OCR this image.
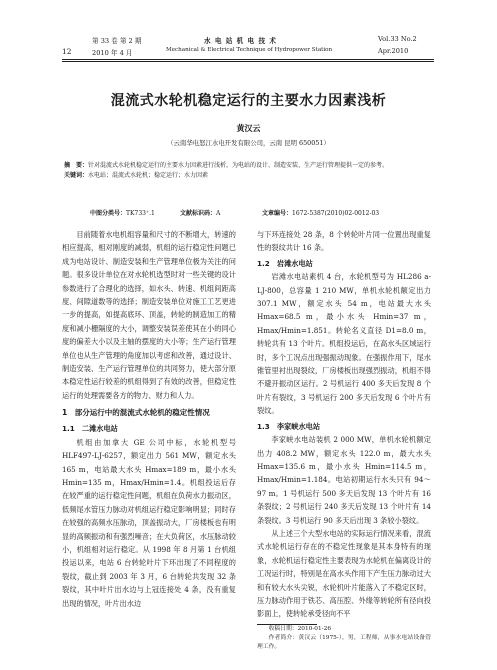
第 33 卷 第 2 期	水 电 站 机 电 技 术	Vol.33 No.2
12	2010 年 4 月	Mechanical & Electrical Technique of Hydropower Station	Apr.2010
混流式水轮机稳定运行的主要水力因素浅析
黄汉云
（云南华电怒江水电开发有限公司，云南 昆明 650051）
摘　要：针对混流式水轮机稳定运行的主要水力因素进行浅析，为电站的设计、制造安装、生产运行管理提供一定的参考。
关键词：水电站；混流式水轮机；稳定运行；水力因素
中图分类号：TK733⁺.1	文献标识码：A	文章编号：1672-5387(2010)02-0012-03

目前随着水电机组容量和尺寸的不断增大，转速的相应提高，相对刚度的减弱，机组的运行稳定性问题已成为电站设计、制造安装和生产管理单位极为关注的问题。很多设计单位在对水轮机选型时对一些关键的设计参数进行了合理化的选择，如水头、转速、机组间距高度、间隙道数等的选择；制造安装单位对施工工艺更进一步的提高，如提高底环、顶盖，转轮的制造加工的精度和减小栅隔度的大小，调整安装误差使其在小的同心度的偏差大小以及主轴的摆度的大小等；生产运行管理单位也从生产管理的角度加以考虑和改善，通过设计、制造安装、生产运行管理单位的共同努力，使大部分原本稳定性运行较差的机组得到了有效的改善，但稳定性运行的处理需要各方的物力、财力和人力。

1　部分运行中的混流式水轮机的稳定性情况
1.1　二滩水电站

机组由加拿大 GE 公司中标，水轮机型号 HLF497-LJ-6257，额定出力 561 MW，额定水头 165 m，电站最大水头 Hmax=189 m，最小水头 Hmin=135 m，Hmax/Hmin=1.4。机组投运后存在较严重的运行稳定性问题，机组在负荷水力振动区，低频尾水管压力脉动对机组运行稳定影响明显；同时存在较强的高频水压脉动，顶盖振动大，厂房楼板也有明显的高频振动和有强烈噪音；在大负荷区，水压脉动较小，机组相对运行稳定。从 1998 年 8 月第 1 台机组投运以来，电站 6 台转轮叶片下环出现了不同程度的裂纹，截止到 2003 年 3 月，6 台转轮共发现 32 条裂纹，其中叶片出水边与上冠连接处 4 条，没有重复出现的情况，叶片出水边

与下环连接处 28 条，8 个转轮叶片同一位置出现重复性的裂纹共计 16 条。

1.2　岩滩水电站

岩滩水电站素机 4 台，水轮机型号为 HL286 a-LJ-800，总容量 1 210 MW，单机水轮机额定出力 307.1 MW，额定水头 54 m，电站最大水头 Hmax=68.5 m，最小水头 Hmin=37 m，Hmax/Hmin=1.851。转轮名义直径 D1=8.0 m，转轮共有 13 个叶片。机组投运后，在高水头区域运行时，多个工况点出现强振动现象。在强振作用下，尾水锥管里衬出现裂纹，厂房楼板出现强烈振动，机组不得不避开振动区运行。2 号机运行 400 多天后发现 8 个叶片有裂纹，3 号机运行 200 多天后发现 6 个叶片有裂纹。

1.3　李家峡水电站

李家峡水电站装机 2 000 MW，单机水轮机额定出力 408.2 MW，额定水头 122.0 m，最大水头 Hmax=135.6 m，最小水头 Hmin=114.5 m，Hmax/Hmin=1.184。电站初期运行水头只有 94～97 m。1 号机运行 500 多天后发现 13 个叶片有 16 条裂纹；2 号机运行 240 多天后发现 13 个叶片有 14 条裂纹。3 号机运行 90 多天后出现 3 条较小裂纹。

从上述三个大型水电站的实际运行情况来看，混流式水轮机运行存在的不稳定性现象是其本身特有的现象，水轮机运行稳定性主要表现为水轮机在偏离设计的工况运行时，特别是在高水头作用下产生压力脉动过大和有较大水头尖锐，水轮机叶片能落入了不稳定区时，压力脉动作用于铁芯、高压腔、外缘等转轮所有径向投影面上，使转轮承受径向不平

收稿日期：2010-01-26

作者简介：黄汉云（1975-），男，工程师，从事水电站设备管理工作。
